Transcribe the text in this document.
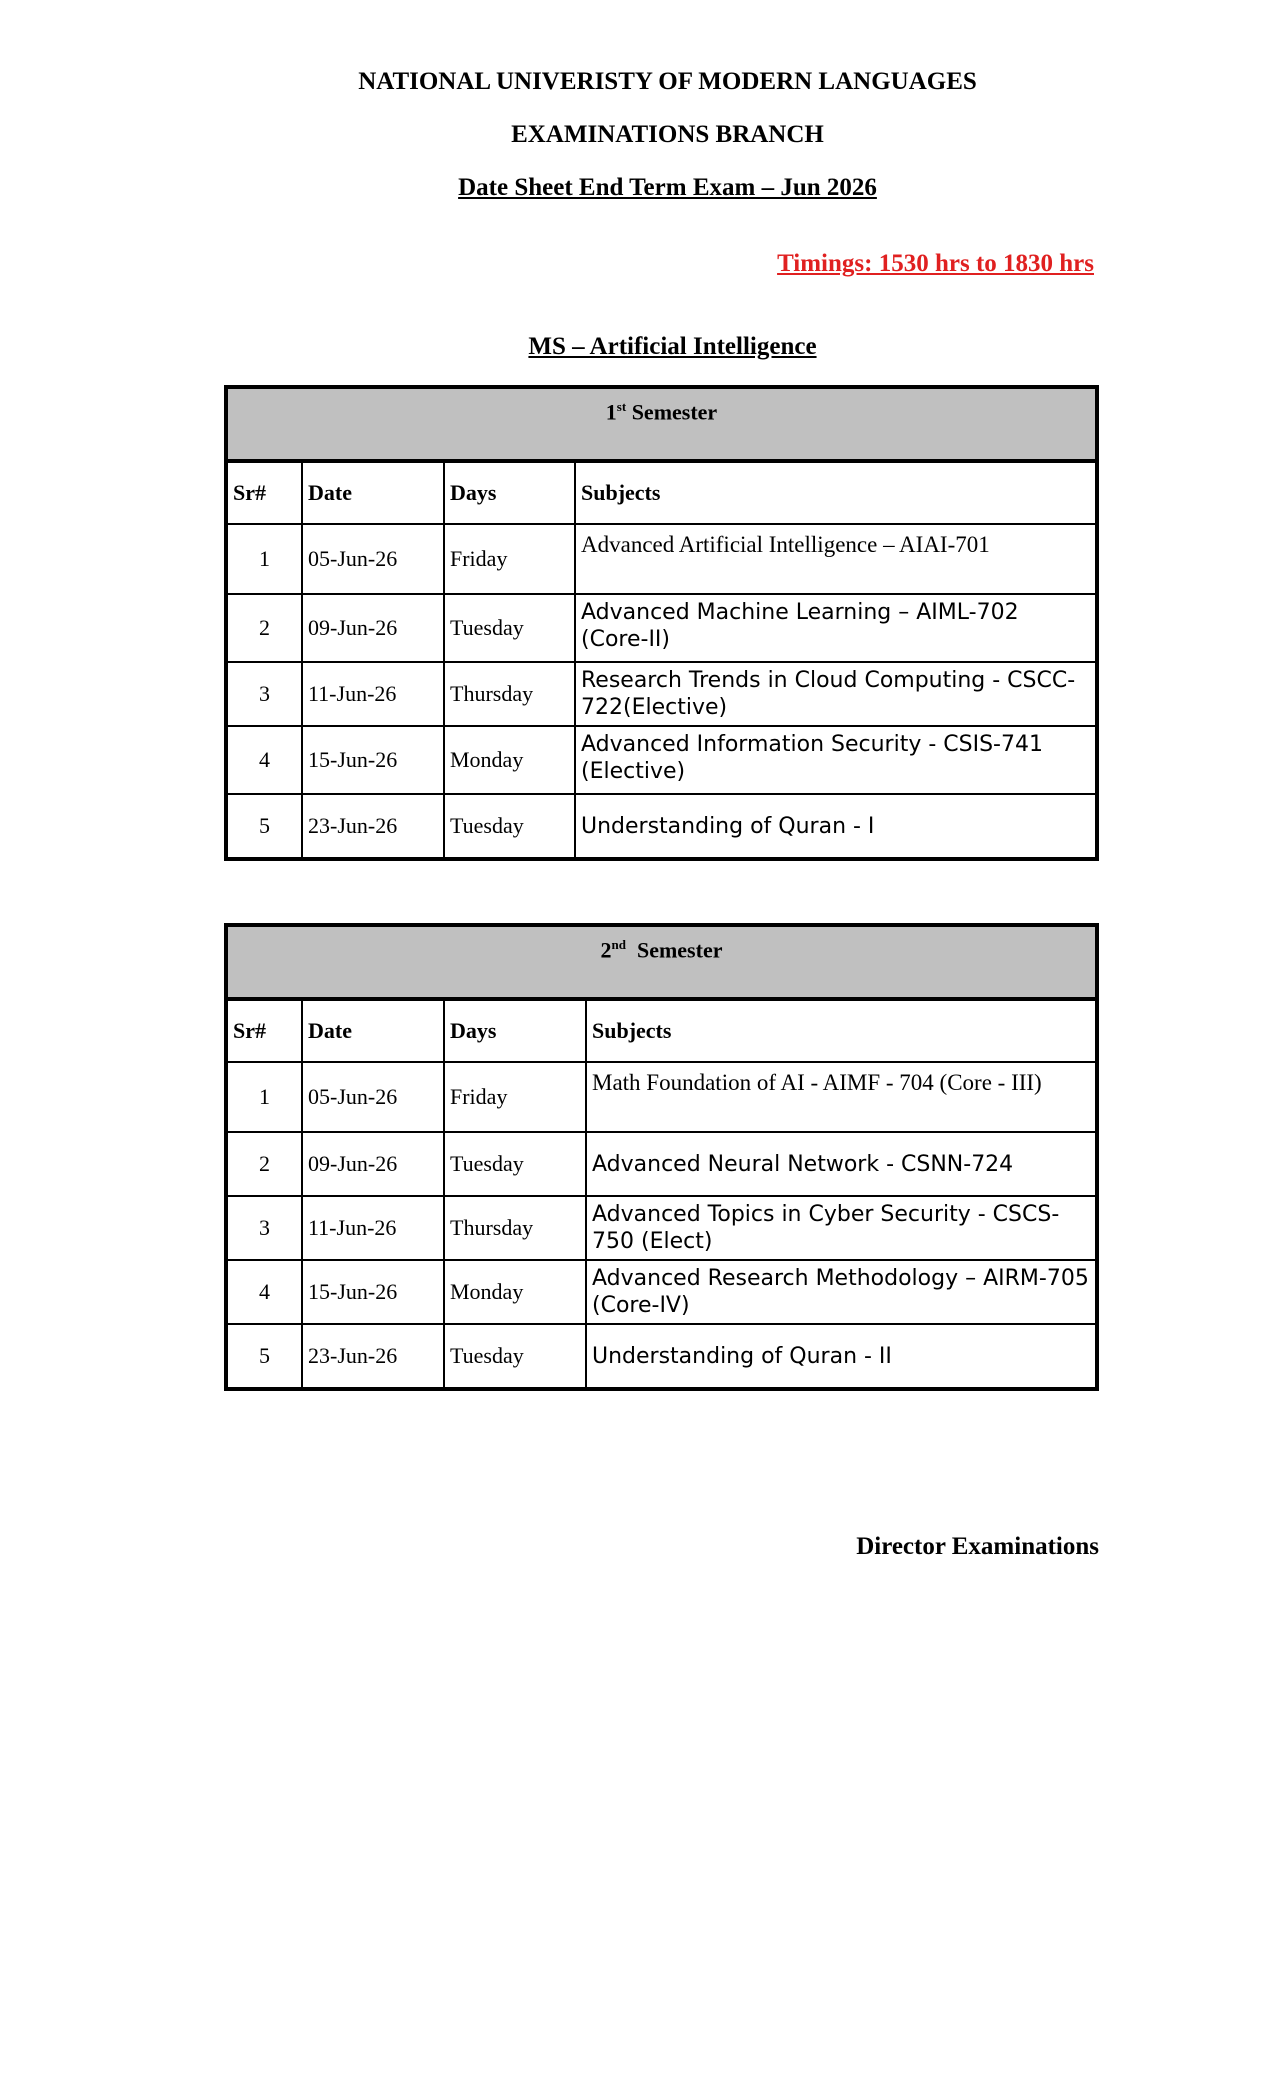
NATIONAL UNIVERISTY OF MODERN LANGUAGES
EXAMINATIONS BRANCH
Date Sheet End Term Exam – Jun 2026
Timings: 1530 hrs to 1830 hrs
MS – Artificial Intelligence
1st Semester			
Sr#	Date	Days	Subjects
1	05-Jun-26	Friday	Advanced Artificial Intelligence – AIAI-701
2	09-Jun-26	Tuesday	Advanced Machine Learning – AIML-702 (Core-II)
3	11-Jun-26	Thursday	Research Trends in Cloud Computing - CSCC-722(Elective)
4	15-Jun-26	Monday	Advanced Information Security - CSIS-741 (Elective)
5	23-Jun-26	Tuesday	Understanding of Quran - I
2nd Semester			
Sr#	Date	Days	Subjects
1	05-Jun-26	Friday	Math Foundation of AI - AIMF - 704 (Core - III)
2	09-Jun-26	Tuesday	Advanced Neural Network - CSNN-724
3	11-Jun-26	Thursday	Advanced Topics in Cyber Security - CSCS-750 (Elect)
4	15-Jun-26	Monday	Advanced Research Methodology – AIRM-705 (Core-IV)
5	23-Jun-26	Tuesday	Understanding of Quran - II
Director Examinations
